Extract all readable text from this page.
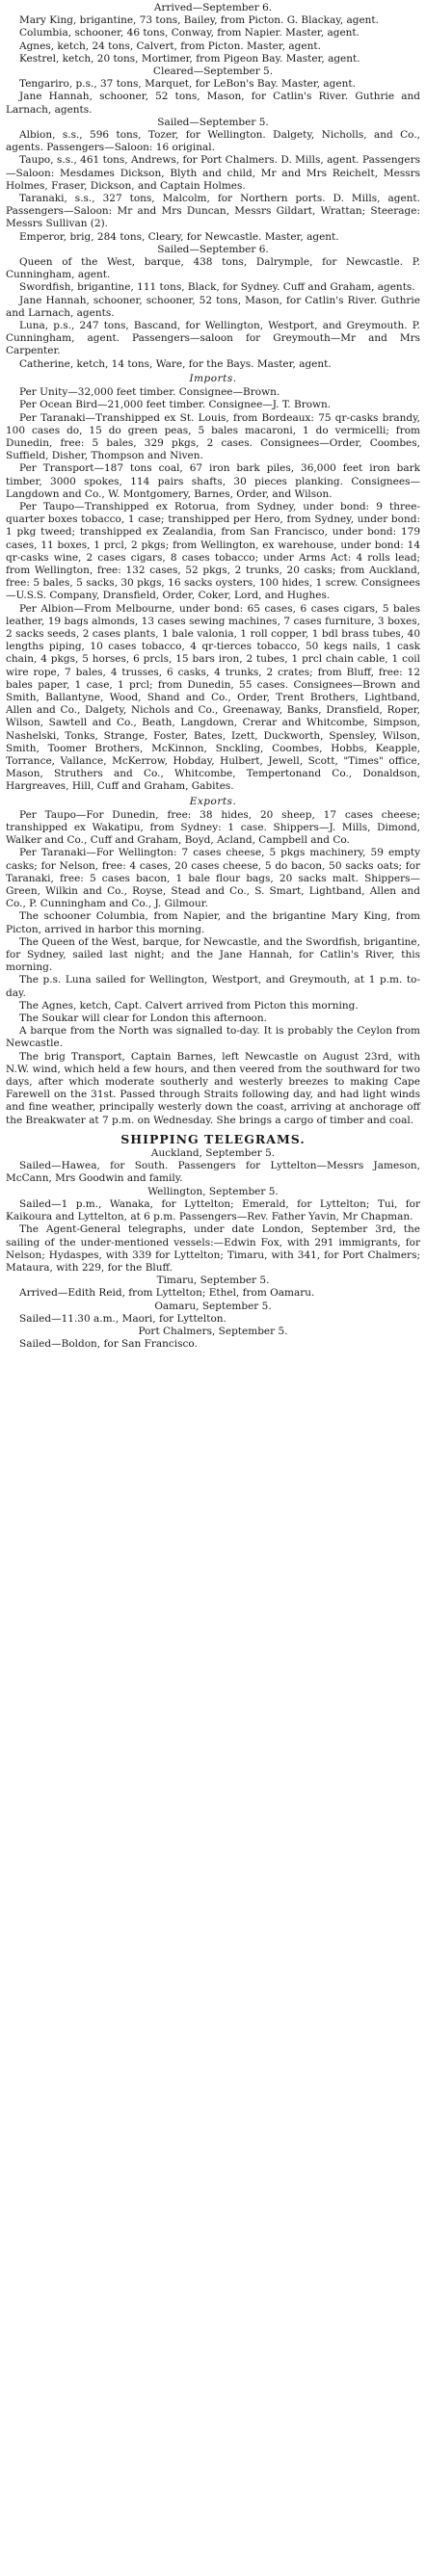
Arrived—September 6.

Mary King, brigantine, 73 tons, Bailey, from Picton. G. Blackay, agent.

Columbia, schooner, 46 tons, Conway, from Napier. Master, agent.

Agnes, ketch, 24 tons, Calvert, from Picton. Master, agent.

Kestrel, ketch, 20 tons, Mortimer, from Pigeon Bay. Master, agent.

Cleared—September 5.

Tengariro, p.s., 37 tons, Marquet, for LeBon's Bay. Master, agent.

Jane Hannah, schooner, 52 tons, Mason, for Catlin's River. Guthrie and Larnach, agents.

Sailed—September 5.

Albion, s.s., 596 tons, Tozer, for Wellington. Dalgety, Nicholls, and Co., agents. Passengers—Saloon: 16 original.

Taupo, s.s., 461 tons, Andrews, for Port Chalmers. D. Mills, agent. Passengers—Saloon: Mesdames Dickson, Blyth and child, Mr and Mrs Reichelt, Messrs Holmes, Fraser, Dickson, and Captain Holmes.

Taranaki, s.s., 327 tons, Malcolm, for Northern ports. D. Mills, agent. Passengers—Saloon: Mr and Mrs Duncan, Messrs Gildart, Wrattan; Steerage: Messrs Sullivan (2).

Emperor, brig, 284 tons, Cleary, for Newcastle. Master, agent.

Sailed—September 6.

Queen of the West, barque, 438 tons, Dalrymple, for Newcastle. P. Cunningham, agent.

Swordfish, brigantine, 111 tons, Black, for Sydney. Cuff and Graham, agents.

Jane Hannah, schooner, schooner, 52 tons, Mason, for Catlin's River. Guthrie and Larnach, agents.

Luna, p.s., 247 tons, Bascand, for Wellington, Westport, and Greymouth. P. Cunningham, agent. Passengers—saloon for Greymouth—Mr and Mrs Carpenter.

Catherine, ketch, 14 tons, Ware, for the Bays. Master, agent.

Imports.

Per Unity—32,000 feet timber. Consignee—Brown.

Per Ocean Bird—21,000 feet timber. Consignee—J. T. Brown.

Per Taranaki—Transhipped ex St. Louis, from Bordeaux: 75 qr-casks brandy, 100 cases do, 15 do green peas, 5 bales macaroni, 1 do vermicelli; from Dunedin, free: 5 bales, 329 pkgs, 2 cases. Consignees—Order, Coombes, Suffield, Disher, Thompson and Niven.

Per Transport—187 tons coal, 67 iron bark piles, 36,000 feet iron bark timber, 3000 spokes, 114 pairs shafts, 30 pieces planking. Consignees—Langdown and Co., W. Montgomery, Barnes, Order, and Wilson.

Per Taupo—Transhipped ex Rotorua, from Sydney, under bond: 9 three-quarter boxes tobacco, 1 case; transhipped per Hero, from Sydney, under bond: 1 pkg tweed; transhipped ex Zealandia, from San Francisco, under bond: 179 cases, 11 boxes, 1 prcl, 2 pkgs; from Wellington, ex warehouse, under bond: 14 qr-casks wine, 2 cases cigars, 8 cases tobacco; under Arms Act: 4 rolls lead; from Wellington, free: 132 cases, 52 pkgs, 2 trunks, 20 casks; from Auckland, free: 5 bales, 5 sacks, 30 pkgs, 16 sacks oysters, 100 hides, 1 screw. Consignees—U.S.S. Company, Dransfield, Order, Coker, Lord, and Hughes.

Per Albion—From Melbourne, under bond: 65 cases, 6 cases cigars, 5 bales leather, 19 bags almonds, 13 cases sewing machines, 7 cases furniture, 3 boxes, 2 sacks seeds, 2 cases plants, 1 bale valonia, 1 roll copper, 1 bdl brass tubes, 40 lengths piping, 10 cases tobacco, 4 qr-tierces tobacco, 50 kegs nails, 1 cask chain, 4 pkgs, 5 horses, 6 prcls, 15 bars iron, 2 tubes, 1 prcl chain cable, 1 coil wire rope, 7 bales, 4 trusses, 6 casks, 4 trunks, 2 crates; from Bluff, free: 12 bales paper, 1 case, 1 prcl; from Dunedin, 55 cases. Consignees—Brown and Smith, Ballantyne, Wood, Shand and Co., Order, Trent Brothers, Lightband, Allen and Co., Dalgety, Nichols and Co., Greenaway, Banks, Dransfield, Roper, Wilson, Sawtell and Co., Beath, Langdown, Crerar and Whitcombe, Simpson, Nashelski, Tonks, Strange, Foster, Bates, Izett, Duckworth, Spensley, Wilson, Smith, Toomer Brothers, McKinnon, Snckling, Coombes, Hobbs, Keapple, Torrance, Vallance, McKerrow, Hobday, Hulbert, Jewell, Scott, "Times" office, Mason, Struthers and Co., Whitcombe, Tempertonand Co., Donaldson, Hargreaves, Hill, Cuff and Graham, Gabites.

Exports.

Per Taupo—For Dunedin, free: 38 hides, 20 sheep, 17 cases cheese; transhipped ex Wakatipu, from Sydney: 1 case. Shippers—J. Mills, Dimond, Walker and Co., Cuff and Graham, Boyd, Acland, Campbell and Co.

Per Taranaki—For Wellington: 7 cases cheese, 5 pkgs machinery, 59 empty casks; for Nelson, free: 4 cases, 20 cases cheese, 5 do bacon, 50 sacks oats; for Taranaki, free: 5 cases bacon, 1 bale flour bags, 20 sacks malt. Shippers—Green, Wilkin and Co., Royse, Stead and Co., S. Smart, Lightband, Allen and Co., P. Cunningham and Co., J. Gilmour.

The schooner Columbia, from Napier, and the brigantine Mary King, from Picton, arrived in harbor this morning.

The Queen of the West, barque, for Newcastle, and the Swordfish, brigantine, for Sydney, sailed last night; and the Jane Hannah, for Catlin's River, this morning.

The p.s. Luna sailed for Wellington, Westport, and Greymouth, at 1 p.m. to-day.

The Agnes, ketch, Capt. Calvert arrived from Picton this morning.

The Soukar will clear for London this afternoon.

A barque from the North was signalled to-day. It is probably the Ceylon from Newcastle.

The brig Transport, Captain Barnes, left Newcastle on August 23rd, with N.W. wind, which held a few hours, and then veered from the southward for two days, after which moderate southerly and westerly breezes to making Cape Farewell on the 31st. Passed through Straits following day, and had light winds and fine weather, principally westerly down the coast, arriving at anchorage off the Breakwater at 7 p.m. on Wednesday. She brings a cargo of timber and coal.

SHIPPING TELEGRAMS.

Auckland, September 5.

Sailed—Hawea, for South. Passengers for Lyttelton—Messrs Jameson, McCann, Mrs Goodwin and family.

Wellington, September 5.

Sailed—1 p.m., Wanaka, for Lyttelton; Emerald, for Lyttelton; Tui, for Kaikoura and Lyttelton, at 6 p.m. Passengers—Rev. Father Yavin, Mr Chapman.

The Agent-General telegraphs, under date London, September 3rd, the sailing of the under-mentioned vessels:—Edwin Fox, with 291 immigrants, for Nelson; Hydaspes, with 339 for Lyttelton; Timaru, with 341, for Port Chalmers; Mataura, with 229, for the Bluff.

Timaru, September 5.

Arrived—Edith Reid, from Lyttelton; Ethel, from Oamaru.

Oamaru, September 5.

Sailed—11.30 a.m., Maori, for Lyttelton.

Port Chalmers, September 5.

Sailed—Boldon, for San Francisco.
